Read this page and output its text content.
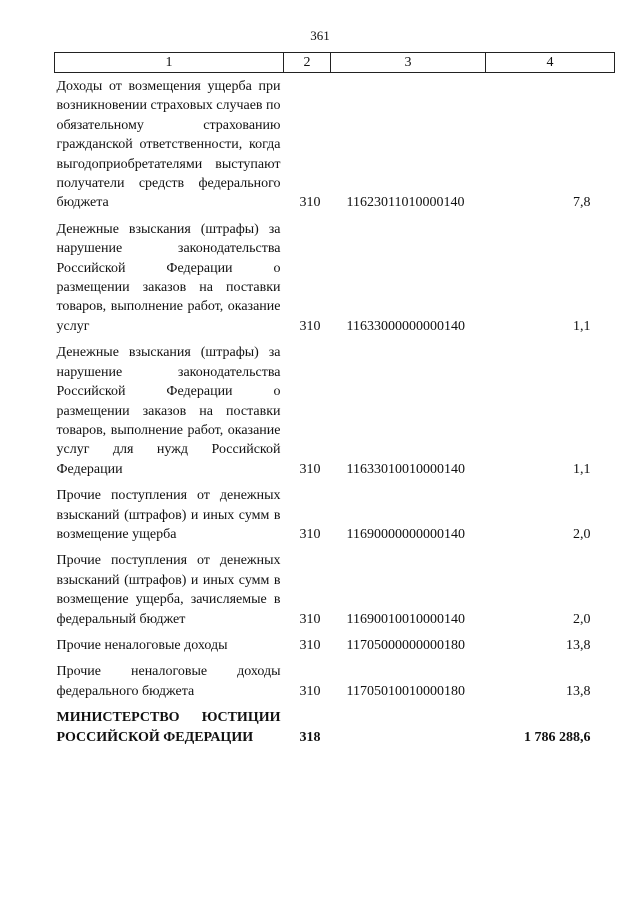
361
1	2	3	4
Доходы от возмещения ущерба при возникновении страховых случаев по обязательному страхованию гражданской ответственности, когда выгодоприобретателями выступают получатели средств федерального бюджета	310	11623011010000140	7,8
Денежные взыскания (штрафы) за нарушение законодательства Российской Федерации о размещении заказов на поставки товаров, выполнение работ, оказание услуг	310	11633000000000140	1,1
Денежные взыскания (штрафы) за нарушение законодательства Российской Федерации о размещении заказов на поставки товаров, выполнение работ, оказание услуг для нужд Российской Федерации	310	11633010010000140	1,1
Прочие поступления от денежных взысканий (штрафов) и иных сумм в возмещение ущерба	310	11690000000000140	2,0
Прочие поступления от денежных взысканий (штрафов) и иных сумм в возмещение ущерба, зачисляемые в федеральный бюджет	310	11690010010000140	2,0
Прочие неналоговые доходы	310	11705000000000180	13,8
Прочие неналоговые доходы федерального бюджета	310	11705010010000180	13,8
МИНИСТЕРСТВО ЮСТИЦИИ РОССИЙСКОЙ ФЕДЕРАЦИИ	318		1 786 288,6
